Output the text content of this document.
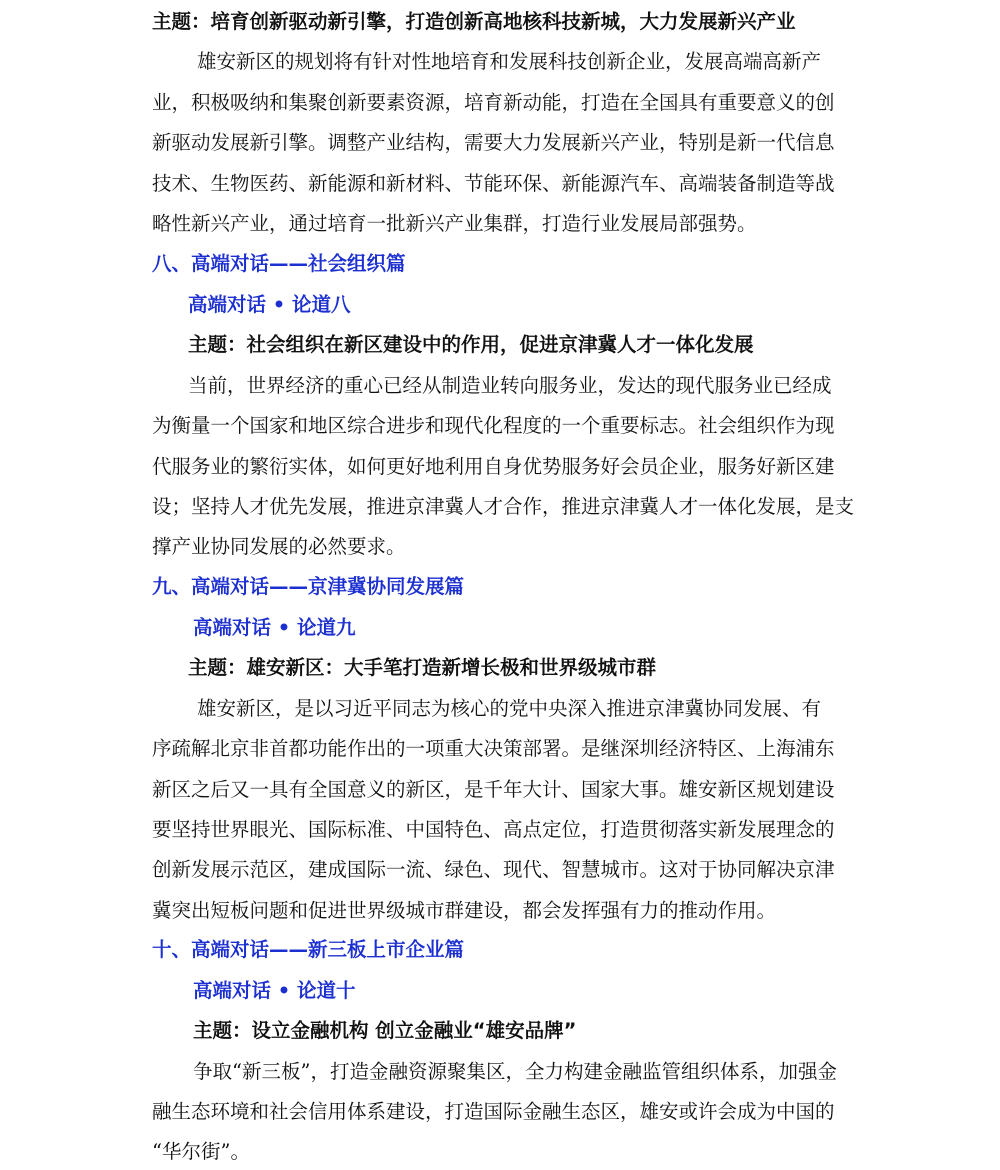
主题：培育创新驱动新引擎，打造创新高地核科技新城，大力发展新兴产业
雄安新区的规划将有针对性地培育和发展科技创新企业，发展高端高新产
业，积极吸纳和集聚创新要素资源，培育新动能，打造在全国具有重要意义的创
新驱动发展新引擎。调整产业结构，需要大力发展新兴产业，特别是新一代信息
技术、生物医药、新能源和新材料、节能环保、新能源汽车、高端装备制造等战
略性新兴产业，通过培育一批新兴产业集群，打造行业发展局部强势。
八、高端对话——社会组织篇
高端对话 • 论道八
主题：社会组织在新区建设中的作用，促进京津冀人才一体化发展
当前，世界经济的重心已经从制造业转向服务业，发达的现代服务业已经成
为衡量一个国家和地区综合进步和现代化程度的一个重要标志。社会组织作为现
代服务业的繁衍实体，如何更好地利用自身优势服务好会员企业，服务好新区建
设；坚持人才优先发展，推进京津冀人才合作，推进京津冀人才一体化发展，是支
撑产业协同发展的必然要求。
九、高端对话——京津冀协同发展篇
高端对话 • 论道九
主题：雄安新区：大手笔打造新增长极和世界级城市群
雄安新区，是以习近平同志为核心的党中央深入推进京津冀协同发展、有
序疏解北京非首都功能作出的一项重大决策部署。是继深圳经济特区、上海浦东
新区之后又一具有全国意义的新区，是千年大计、国家大事。雄安新区规划建设
要坚持世界眼光、国际标准、中国特色、高点定位，打造贯彻落实新发展理念的
创新发展示范区，建成国际一流、绿色、现代、智慧城市。这对于协同解决京津
冀突出短板问题和促进世界级城市群建设，都会发挥强有力的推动作用。
十、高端对话——新三板上市企业篇
高端对话 • 论道十
主题：设立金融机构 创立金融业“雄安品牌”
争取“新三板”，打造金融资源聚集区，全力构建金融监管组织体系，加强金
融生态环境和社会信用体系建设，打造国际金融生态区，雄安或许会成为中国的
“华尔街”。
